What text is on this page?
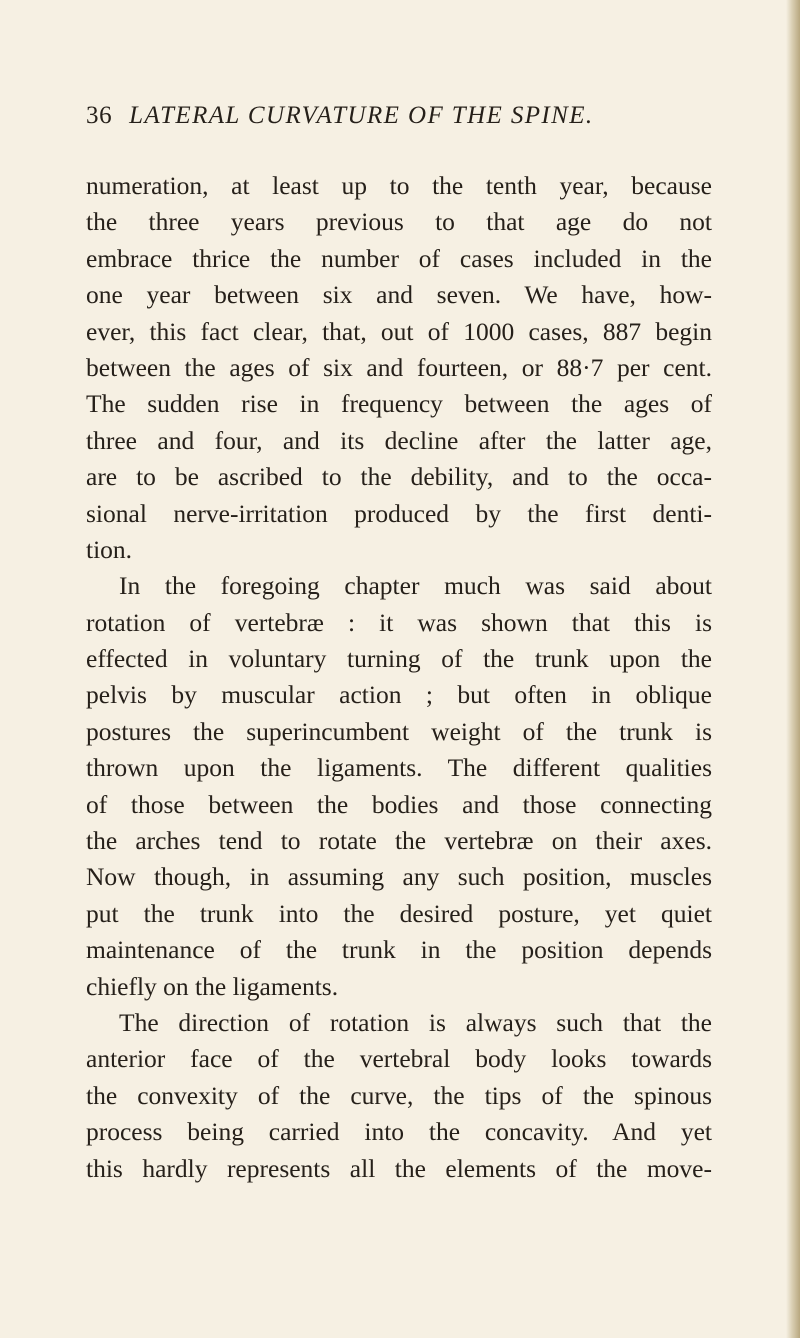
36 LATERAL CURVATURE OF THE SPINE.
numeration, at least up to the tenth year, because
the three years previous to that age do not
embrace thrice the number of cases included in the
one year between six and seven. We have, how-
ever, this fact clear, that, out of 1000 cases, 887 begin
between the ages of six and fourteen, or 88·7 per cent.
The sudden rise in frequency between the ages of
three and four, and its decline after the latter age,
are to be ascribed to the debility, and to the occa-
sional nerve-irritation produced by the first denti-
tion.
In the foregoing chapter much was said about
rotation of vertebræ : it was shown that this is
effected in voluntary turning of the trunk upon the
pelvis by muscular action ; but often in oblique
postures the superincumbent weight of the trunk is
thrown upon the ligaments. The different qualities
of those between the bodies and those connecting
the arches tend to rotate the vertebræ on their axes.
Now though, in assuming any such position, muscles
put the trunk into the desired posture, yet quiet
maintenance of the trunk in the position depends
chiefly on the ligaments.
The direction of rotation is always such that the
anterior face of the vertebral body looks towards
the convexity of the curve, the tips of the spinous
process being carried into the concavity. And yet
this hardly represents all the elements of the move-
